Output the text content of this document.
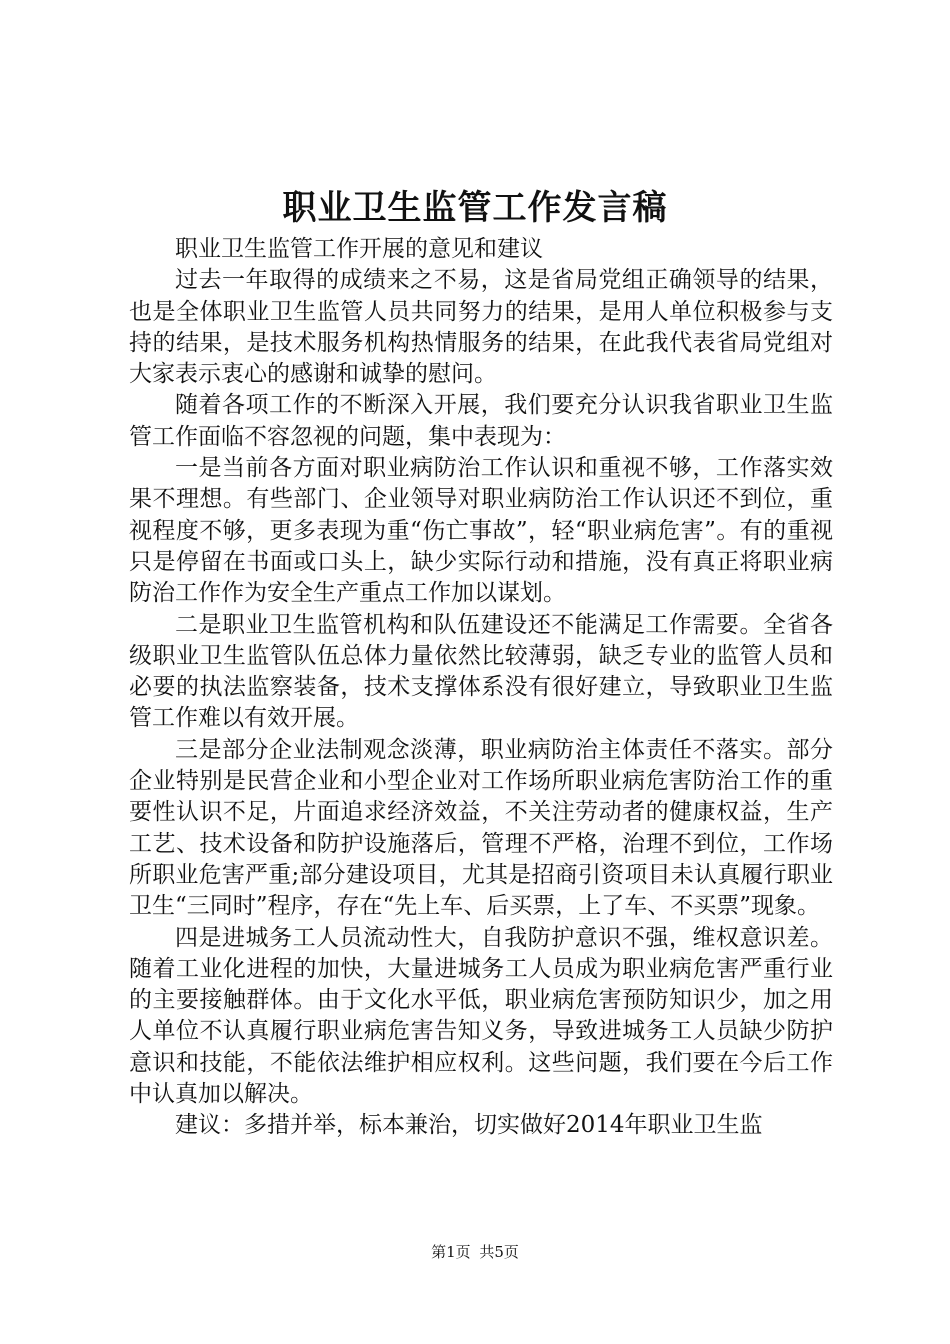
职业卫生监管工作发言稿

职业卫生监管工作开展的意见和建议

过去一年取得的成绩来之不易，这是省局党组正确领导的结果，也是全体职业卫生监管人员共同努力的结果，是用人单位积极参与支持的结果，是技术服务机构热情服务的结果，在此我代表省局党组对大家表示衷心的感谢和诚挚的慰问。

随着各项工作的不断深入开展，我们要充分认识我省职业卫生监管工作面临不容忽视的问题，集中表现为：

一是当前各方面对职业病防治工作认识和重视不够，工作落实效果不理想。有些部门、企业领导对职业病防治工作认识还不到位，重视程度不够，更多表现为重“伤亡事故”，轻“职业病危害”。有的重视只是停留在书面或口头上，缺少实际行动和措施，没有真正将职业病防治工作作为安全生产重点工作加以谋划。

二是职业卫生监管机构和队伍建设还不能满足工作需要。全省各级职业卫生监管队伍总体力量依然比较薄弱，缺乏专业的监管人员和必要的执法监察装备，技术支撑体系没有很好建立，导致职业卫生监管工作难以有效开展。

三是部分企业法制观念淡薄，职业病防治主体责任不落实。部分企业特别是民营企业和小型企业对工作场所职业病危害防治工作的重要性认识不足，片面追求经济效益，不关注劳动者的健康权益，生产工艺、技术设备和防护设施落后，管理不严格，治理不到位，工作场所职业危害严重;部分建设项目，尤其是招商引资项目未认真履行职业卫生“三同时”程序，存在“先上车、后买票，上了车、不买票”现象。

四是进城务工人员流动性大，自我防护意识不强，维权意识差。随着工业化进程的加快，大量进城务工人员成为职业病危害严重行业的主要接触群体。由于文化水平低，职业病危害预防知识少，加之用人单位不认真履行职业病危害告知义务，导致进城务工人员缺少防护意识和技能，不能依法维护相应权利。这些问题，我们要在今后工作中认真加以解决。

建议：多措并举，标本兼治，切实做好2014年职业卫生监

第1页 共5页
